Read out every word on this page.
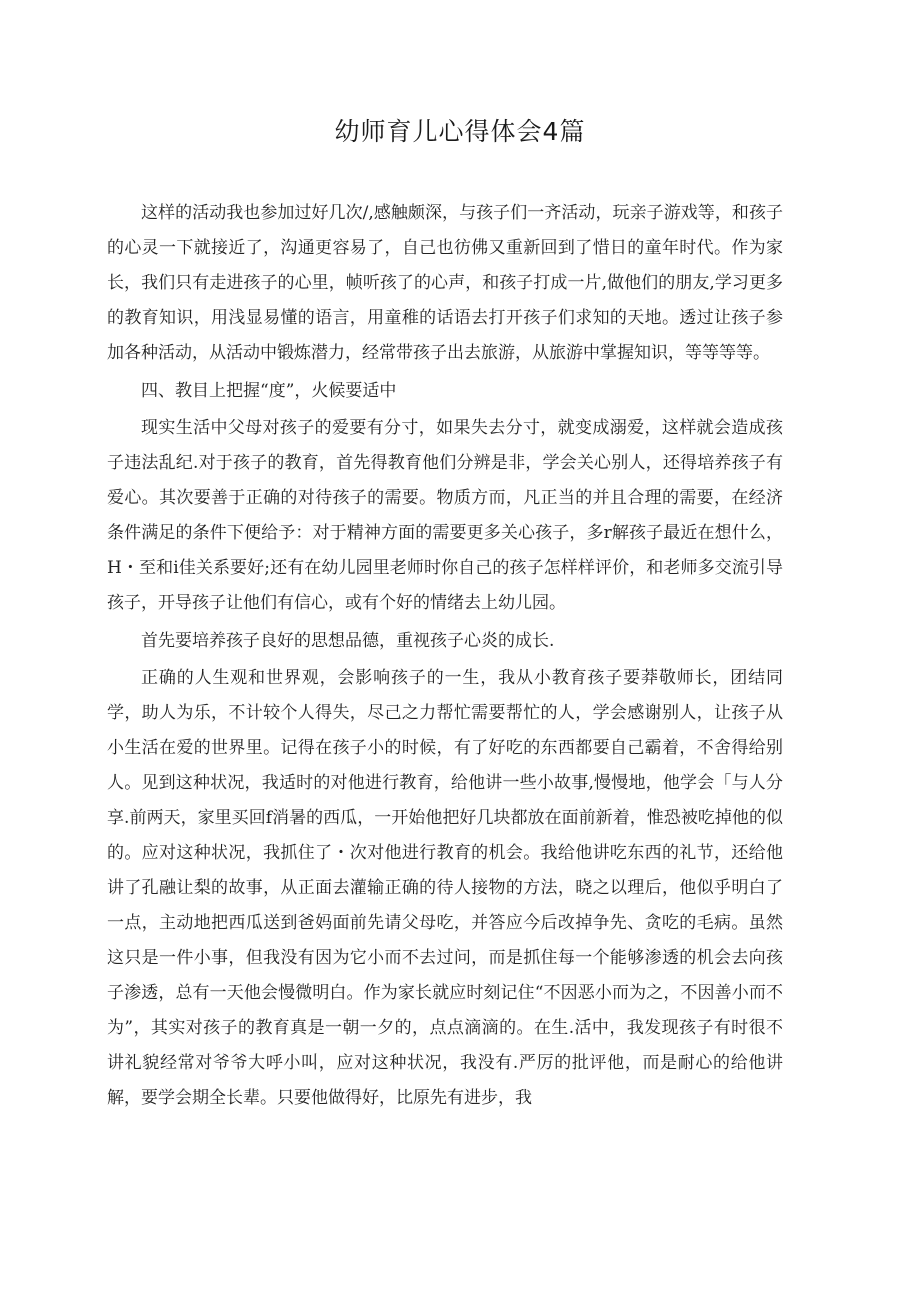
幼师育儿心得体会4篇

这样的活动我也参加过好几次/,感触颇深，与孩子们一齐活动，玩亲子游戏等，和孩子的心灵一下就接近了，沟通更容易了，自己也彷佛又重新回到了惜日的童年时代。作为家长，我们只有走进孩子的心里，帧听孩了的心声，和孩子打成一片,做他们的朋友,学习更多的教育知识，用浅显易懂的语言，用童稚的话语去打开孩子们求知的天地。透过让孩子参加各种活动，从活动中锻炼潜力，经常带孩子出去旅游，从旅游中掌握知识，等等等等。

四、教目上把握“度”，火候要适中

现实生活中父母对孩子的爱要有分寸，如果失去分寸，就变成溺爱，这样就会造成孩子违法乱纪.对于孩子的教育，首先得教育他们分辨是非，学会关心别人，还得培养孩子有爱心。其次要善于正确的对待孩子的需要。物质方而，凡正当的并且合理的需要，在经济条件满足的条件下便给予：对于精神方面的需要更多关心孩子，多r解孩子最近在想什么，H・至和i佳关系要好;还有在幼儿园里老师时你自己的孩子怎样样评价，和老师多交流引导孩子，开导孩子让他们有信心，或有个好的情绪去上幼儿园。

首先要培养孩子良好的思想品德，重视孩子心炎的成长.

正确的人生观和世界观，会影响孩子的一生，我从小教育孩子要莽敬师长，团结同学，助人为乐，不计较个人得失，尽己之力帮忙需要帮忙的人，学会感谢别人，让孩子从小生活在爱的世界里。记得在孩子小的时候，有了好吃的东西都要自己霸着，不舍得给别人。见到这种状况，我适时的对他进行教育，给他讲一些小故事,慢慢地，他学会「与人分享.前两天，家里买回f消暑的西瓜，一开始他把好几块都放在面前新着，惟恐被吃掉他的似的。应对这种状况，我抓住了・次对他进行教育的机会。我给他讲吃东西的礼节，还给他讲了孔融让梨的故事，从正面去灌输正确的待人接物的方法，晓之以理后，他似乎明白了一点，主动地把西瓜送到爸妈面前先请父母吃，并答应今后改掉争先、贪吃的毛病。虽然这只是一件小事，但我没有因为它小而不去过问，而是抓住每一个能够渗透的机会去向孩子渗透，总有一天他会慢微明白。作为家长就应时刻记住“不因恶小而为之，不因善小而不为”，其实对孩子的教育真是一朝一夕的，点点滴滴的。在生.活中，我发现孩子有时很不讲礼貌经常对爷爷大呼小叫，应对这种状况，我没有.严厉的批评他，而是耐心的给他讲解，要学会期全长辈。只要他做得好，比原先有进步，我
